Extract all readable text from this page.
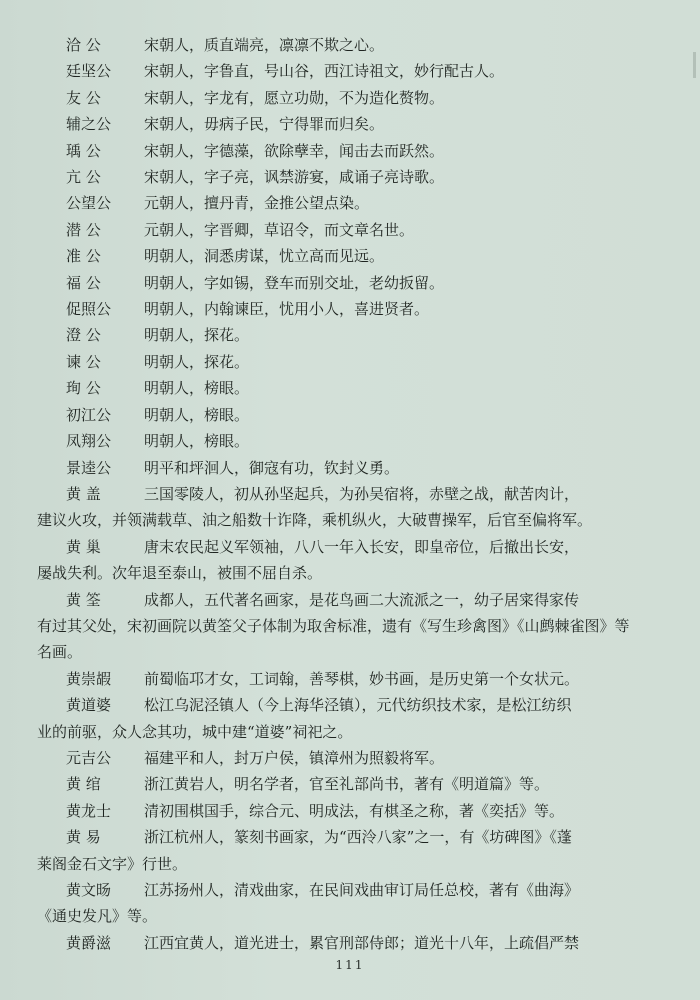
洽 公	宋朝人，质直端亮，凛凛不欺之心。

廷坚公 宋朝人，字鲁直，号山谷，西江诗祖文，妙行配古人。

友 公	宋朝人，字龙有，愿立功勋，不为造化赘物。

辅之公 宋朝人，毋病子民，宁得罪而归矣。

瑀 公	宋朝人，字德藻，欲除孽幸，闻击去而跃然。

亢 公	宋朝人，字子亮，讽禁游宴，咸诵子亮诗歌。

公望公 元朝人，擅丹青，金推公望点染。

潜 公	元朝人，字晋卿，草诏令，而文章名世。

准 公	明朝人，洞悉虏谋，忧立高而见远。

福 公	明朝人，字如锡，登车而别交址，老幼扳留。

促照公 明朝人，内翰谏臣，忧用小人，喜进贤者。

澄 公	明朝人，探花。

谏 公	明朝人，探花。

珣 公	明朝人，榜眼。

初江公 明朝人，榜眼。

凤翔公 明朝人，榜眼。

景逵公 明平和坪洄人，御寇有功，钦封义勇。

黄 盖	三国零陵人，初从孙坚起兵，为孙吴宿将，赤壁之战，献苦肉计，
建议火攻，并领满载草、油之船数十诈降，乘机纵火，大破曹操军，后官至偏将军。

黄 巢	唐末农民起义军领袖，八八一年入长安，即皇帝位，后撤出长安，
屡战失利。次年退至泰山，被围不屈自杀。

黄 筌	成都人，五代著名画家，是花鸟画二大流派之一，幼子居寀得家传
有过其父处，宋初画院以黄筌父子体制为取舍标准，遗有《写生珍禽图》《山鹧棘雀图》等名画。

黄崇嘏 前蜀临邛才女，工词翰，善琴棋，妙书画，是历史第一个女状元。

黄道婆 松江乌泥泾镇人（今上海华泾镇），元代纺织技术家，是松江纺织
业的前驱，众人念其功，城中建“道婆”祠祀之。

元吉公 福建平和人，封万户侯，镇漳州为照毅将军。

黄 绾	浙江黄岩人，明名学者，官至礼部尚书，著有《明道篇》等。

黄龙士 清初围棋国手，综合元、明成法，有棋圣之称，著《奕括》等。

黄 易	浙江杭州人，篆刻书画家，为“西泠八家”之一，有《坊碑图》《蓬
莱阁金石文字》行世。

黄文旸 江苏扬州人，清戏曲家，在民间戏曲审订局任总校，著有《曲海》
《通史发凡》等。

黄爵滋 江西宜黄人，道光进士，累官刑部侍郎；道光十八年，上疏倡严禁

111
